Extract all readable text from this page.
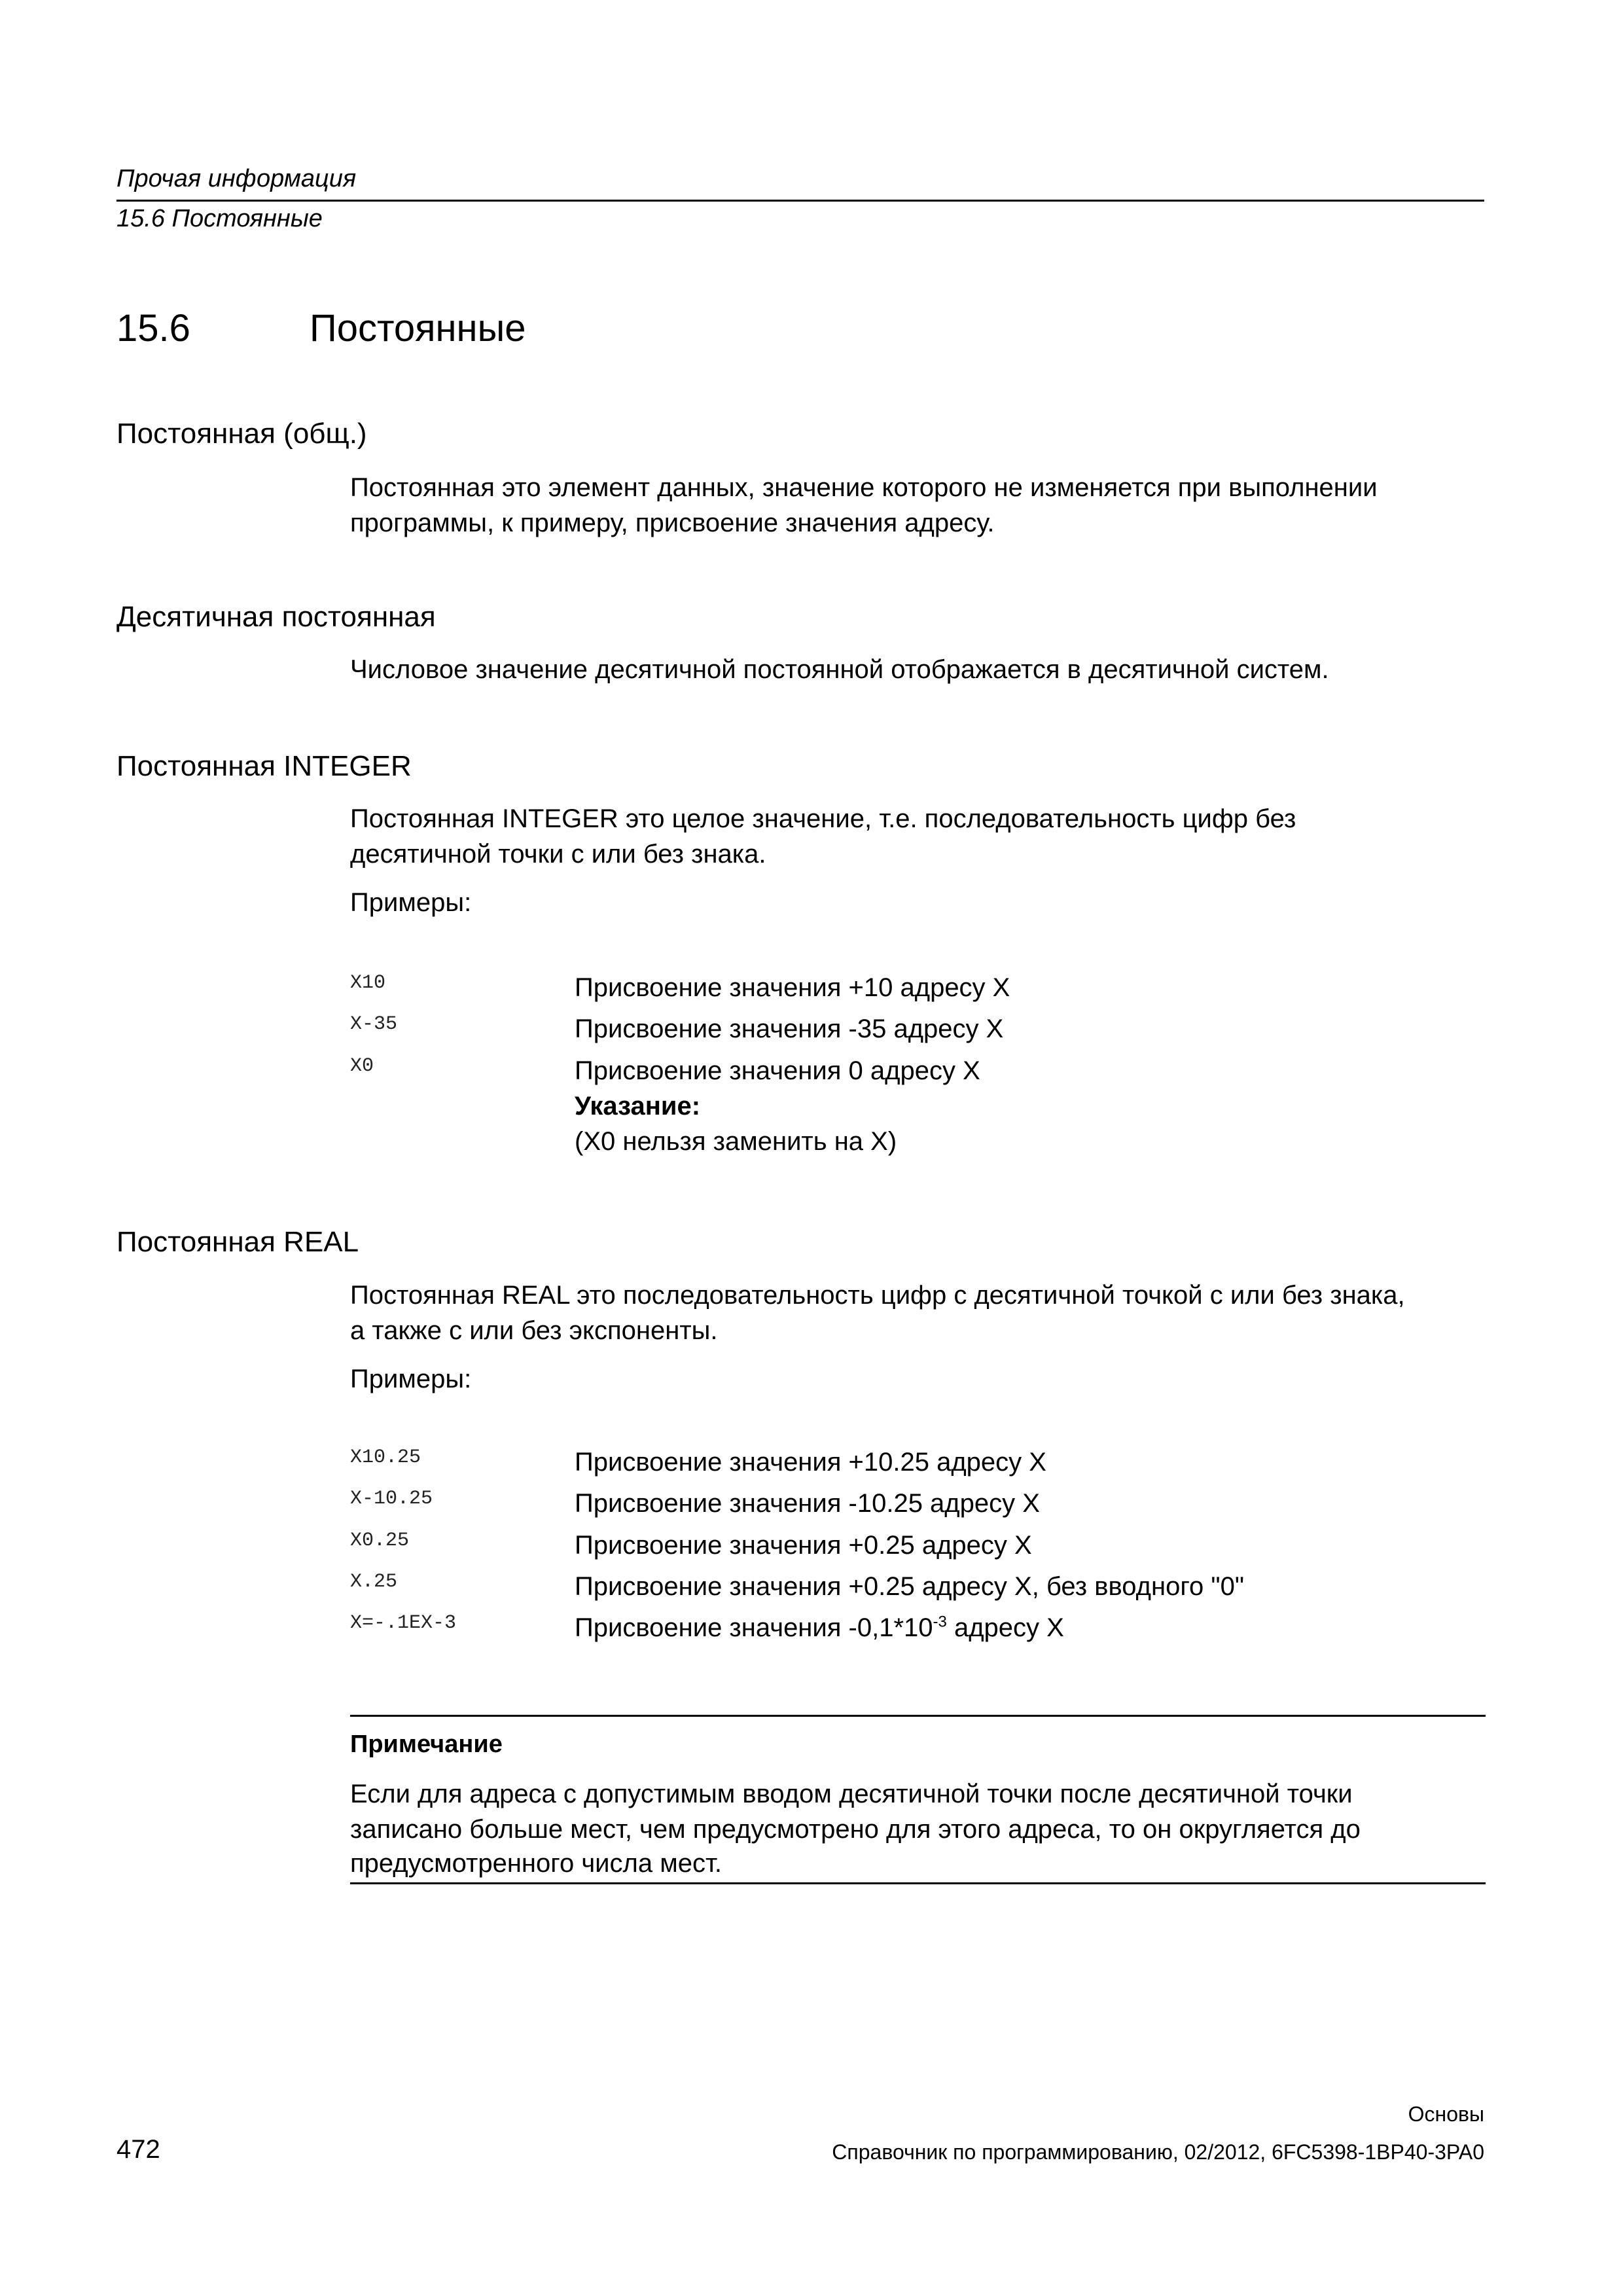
Прочая информация
15.6 Постоянные
15.6	Постоянные
Постоянная (общ.)
Постоянная это элемент данных, значение которого не изменяется при выполнении
программы, к примеру, присвоение значения адресу.
Десятичная постоянная
Числовое значение десятичной постоянной отображается в десятичной систем.
Постоянная INTEGER
Постоянная INTEGER это целое значение, т.е. последовательность цифр без
десятичной точки с или без знака.
Примеры:
X10	Присвоение значения +10 адресу X
X-35	Присвоение значения -35 адресу X
X0	Присвоение значения 0 адресу X
Указание:
(X0 нельзя заменить на X)
Постоянная REAL
Постоянная REAL это последовательность цифр с десятичной точкой с или без знака,
а также с или без экспоненты.
Примеры:
X10.25	Присвоение значения +10.25 адресу X
X-10.25	Присвоение значения -10.25 адресу X
X0.25	Присвоение значения +0.25 адресу X
X.25	Присвоение значения +0.25 адресу X, без вводного "0"
X=-.1EX-3	Присвоение значения $-0,1*10^{-3}$ адресу X
Примечание
Если для адреса с допустимым вводом десятичной точки после десятичной точки
записано больше мест, чем предусмотрено для этого адреса, то он округляется до
предусмотренного числа мест.
472
Основы
Справочник по программированию, 02/2012, 6FC5398-1BP40-3PA0
